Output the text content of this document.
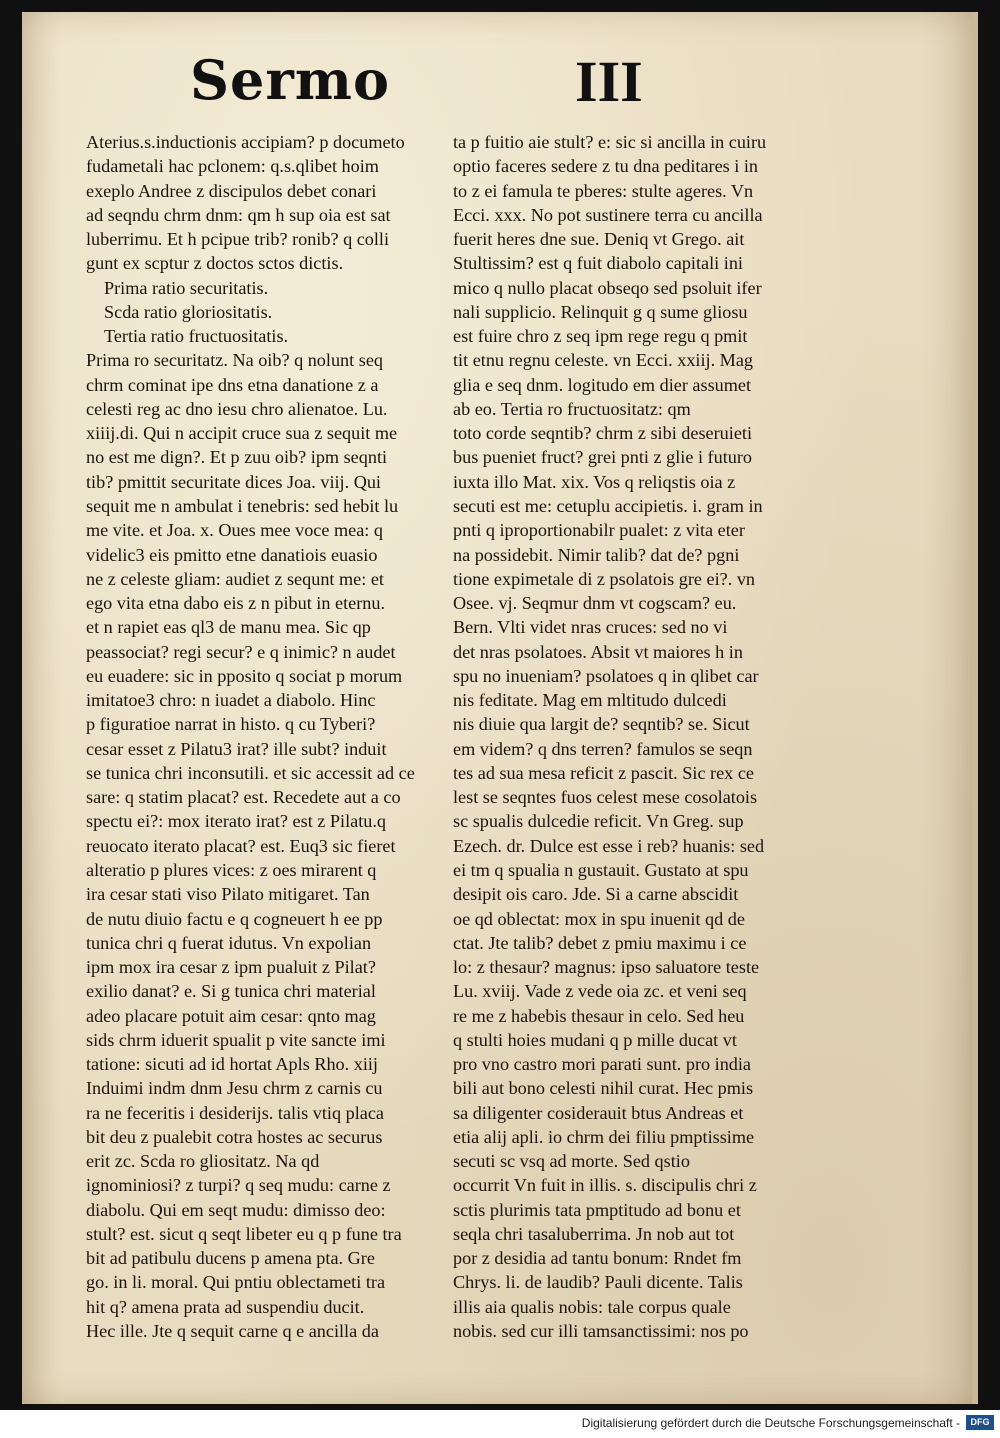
Sermo	III
Aterius.s.inductionis accipiam? p documeto
fudametali hac pclonem: q.s.qlibet hoim
exeplo Andree z discipulos debet conari
ad seqndu chrm dnm: qm h sup oia est sat
luberrimu. Et h pcipue trib? ronib? q colli
gunt ex scptur z doctos sctos dictis.
Prima ratio securitatis.
Scda ratio gloriositatis.
Tertia ratio fructuositatis.
Prima ro securitatz. Na oib? q nolunt seq
chrm cominat ipe dns etna danatione z a
celesti reg ac dno iesu chro alienatoe. Lu.
xiiij.di. Qui n accipit cruce sua z sequit me
no est me dign?. Et p zuu oib? ipm seqnti
tib? pmittit securitate dices Joa. viij. Qui
sequit me n ambulat i tenebris: sed hebit lu
me vite. et Joa. x. Oues mee voce mea: q
videlic3 eis pmitto etne danatiois euasio
ne z celeste gliam: audiet z sequnt me: et
ego vita etna dabo eis z n pibut in eternu.
et n rapiet eas ql3 de manu mea. Sic qp
peassociat? regi secur? e q inimic? n audet
eu euadere: sic in pposito q sociat p morum
imitatoe3 chro: n iuadet a diabolo. Hinc
p figuratioe narrat in histo. q cu Tyberi?
cesar esset z Pilatu3 irat? ille subt? induit
se tunica chri inconsutili. et sic accessit ad ce
sare: q statim placat? est. Recedete aut a co
spectu ei?: mox iterato irat? est z Pilatu.q
reuocato iterato placat? est. Euq3 sic fieret
alteratio p plures vices: z oes mirarent q
ira cesar stati viso Pilato mitigaret. Tan
de nutu diuio factu e q cogneuert h ee pp
tunica chri q fuerat idutus. Vn expolian
ipm mox ira cesar z ipm pualuit z Pilat?
exilio danat? e. Si g tunica chri material
adeo placare potuit aim cesar: qnto mag
sids chrm iduerit spualit p vite sancte imi
tatione: sicuti ad id hortat Apls Rho. xiij
Induimi indm dnm Jesu chrm z carnis cu
ra ne feceritis i desiderijs. talis vtiq placa
bit deu z pualebit cotra hostes ac securus
erit zc. Scda ro gliositatz. Na qd
ignominiosi? z turpi? q seq mudu: carne z
diabolu. Qui em seqt mudu: dimisso deo:
stult? est. sicut q seqt libeter eu q p fune tra
bit ad patibulu ducens p amena pta. Gre
go. in li. moral. Qui pntiu oblectameti tra
hit q? amena prata ad suspendiu ducit.
Hec ille. Jte q sequit carne q e ancilla da
ta p fuitio aie stult? e: sic si ancilla in cuiru
optio faceres sedere z tu dna peditares i in
to z ei famula te pberes: stulte ageres. Vn
Ecci. xxx. No pot sustinere terra cu ancilla
fuerit heres dne sue. Deniq vt Grego. ait
Stultissim? est q fuit diabolo capitali ini
mico q nullo placat obseqo sed psoluit ifer
nali supplicio. Relinquit g q sume gliosu
est fuire chro z seq ipm rege regu q pmit
tit etnu regnu celeste. vn Ecci. xxiij. Mag
glia e seq dnm. logitudo em dier assumet
ab eo. Tertia ro fructuositatz: qm
toto corde seqntib? chrm z sibi deseruieti
bus pueniet fruct? grei pnti z glie i futuro
iuxta illo Mat. xix. Vos q reliqstis oia z
secuti est me: cetuplu accipietis. i. gram in
pnti q iproportionabilr pualet: z vita eter
na possidebit. Nimir talib? dat de? pgni
tione expimetale di z psolatois gre ei?. vn
Osee. vj. Seqmur dnm vt cogscam? eu.
Bern. Vlti videt nras cruces: sed no vi
det nras psolatoes. Absit vt maiores h in
spu no inueniam? psolatoes q in qlibet car
nis feditate. Mag em mltitudo dulcedi
nis diuie qua largit de? seqntib? se. Sicut
em videm? q dns terren? famulos se seqn
tes ad sua mesa reficit z pascit. Sic rex ce
lest se seqntes fuos celest mese cosolatois
sc spualis dulcedie reficit. Vn Greg. sup
Ezech. dr. Dulce est esse i reb? huanis: sed
ei tm q spualia n gustauit. Gustato at spu
desipit ois caro. Jde. Si a carne abscidit
oe qd oblectat: mox in spu inuenit qd de
ctat. Jte talib? debet z pmiu maximu i ce
lo: z thesaur? magnus: ipso saluatore teste
Lu. xviij. Vade z vede oia zc. et veni seq
re me z habebis thesaur in celo. Sed heu
q stulti hoies mudani q p mille ducat vt
pro vno castro mori parati sunt. pro india
bili aut bono celesti nihil curat. Hec pmis
sa diligenter cosiderauit btus Andreas et
etia alij apli. io chrm dei filiu pmptissime
secuti sc vsq ad morte. Sed qstio
occurrit Vn fuit in illis. s. discipulis chri z
sctis plurimis tata pmptitudo ad bonu et
seqla chri tasaluberrima. Jn nob aut tot
por z desidia ad tantu bonum: Rndet fm
Chrys. li. de laudib? Pauli dicente. Talis
illis aia qualis nobis: tale corpus quale
nobis. sed cur illi tamsanctissimi: nos po
Digitalisierung gefördert durch die Deutsche Forschungsgemeinschaft -	DFG
